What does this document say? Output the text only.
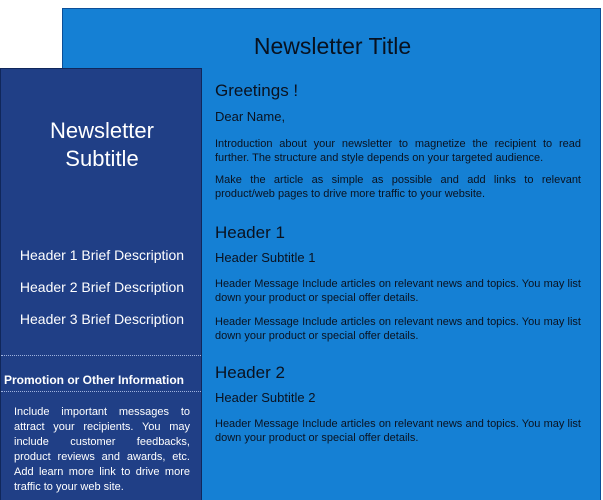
Newsletter Title
Newsletter
Subtitle
Header 1 Brief Description
Header 2 Brief Description
Header 3 Brief Description
Promotion or Other Information
Include important messages to attract your recipients. You may include customer feedbacks, product reviews and awards, etc. Add learn more link to drive more traffic to your web site.
Greetings !
Dear Name,
Introduction about your newsletter to magnetize the recipient to read further. The structure and style depends on your targeted audience.
Make the article as simple as possible and add links to relevant product/web pages to drive more traffic to your website.
Header 1
Header Subtitle 1
Header Message Include articles on relevant news and topics. You may list down your product or special offer details.
Header Message Include articles on relevant news and topics. You may list down your product or special offer details.
Header 2
Header Subtitle 2
Header Message Include articles on relevant news and topics. You may list down your product or special offer details.
